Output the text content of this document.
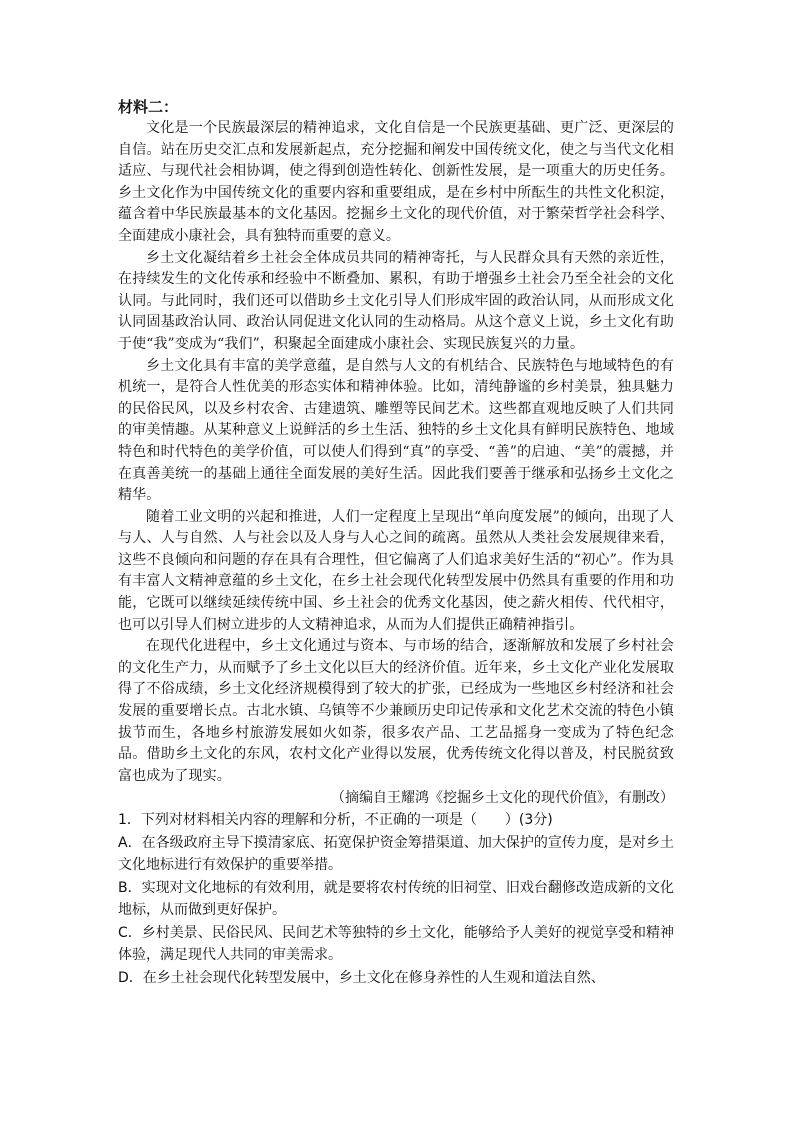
材料二：

文化是一个民族最深层的精神追求，文化自信是一个民族更基础、更广泛、更深层的自信。站在历史交汇点和发展新起点，充分挖掘和阐发中国传统文化，使之与当代文化相适应、与现代社会相协调，使之得到创造性转化、创新性发展，是一项重大的历史任务。乡土文化作为中国传统文化的重要内容和重要组成，是在乡村中所酝生的共性文化积淀，蕴含着中华民族最基本的文化基因。挖掘乡土文化的现代价值，对于繁荣哲学社会科学、全面建成小康社会，具有独特而重要的意义。

乡土文化凝结着乡土社会全体成员共同的精神寄托，与人民群众具有天然的亲近性，在持续发生的文化传承和经验中不断叠加、累积，有助于增强乡土社会乃至全社会的文化认同。与此同时，我们还可以借助乡土文化引导人们形成牢固的政治认同，从而形成文化认同固基政治认同、政治认同促进文化认同的生动格局。从这个意义上说，乡土文化有助于使“我”变成为“我们”，积聚起全面建成小康社会、实现民族复兴的力量。

乡土文化具有丰富的美学意蕴，是自然与人文的有机结合、民族特色与地域特色的有机统一，是符合人性优美的形态实体和精神体验。比如，清纯静谧的乡村美景，独具魅力的民俗民风，以及乡村农舍、古建遗筑、雕塑等民间艺术。这些都直观地反映了人们共同的审美情趣。从某种意义上说鲜活的乡土生活、独特的乡土文化具有鲜明民族特色、地域特色和时代特色的美学价值，可以使人们得到“真”的享受、“善”的启迪、“美”的震撼，并在真善美统一的基础上通往全面发展的美好生活。因此我们要善于继承和弘扬乡土文化之精华。

随着工业文明的兴起和推进，人们一定程度上呈现出“单向度发展”的倾向，出现了人与人、人与自然、人与社会以及人身与人心之间的疏离。虽然从人类社会发展规律来看，这些不良倾向和问题的存在具有合理性，但它偏离了人们追求美好生活的“初心”。作为具有丰富人文精神意蕴的乡土文化，在乡土社会现代化转型发展中仍然具有重要的作用和功能，它既可以继续延续传统中国、乡土社会的优秀文化基因，使之薪火相传、代代相守，也可以引导人们树立进步的人文精神追求，从而为人们提供正确精神指引。

在现代化进程中，乡土文化通过与资本、与市场的结合，逐渐解放和发展了乡村社会的文化生产力，从而赋予了乡土文化以巨大的经济价值。近年来，乡土文化产业化发展取得了不俗成绩，乡土文化经济规模得到了较大的扩张，已经成为一些地区乡村经济和社会发展的重要增长点。古北水镇、乌镇等不少兼顾历史印记传承和文化艺术交流的特色小镇拔节而生，各地乡村旅游发展如火如荼，很多农产品、工艺品摇身一变成为了特色纪念品。借助乡土文化的东风，农村文化产业得以发展，优秀传统文化得以普及，村民脱贫致富也成为了现实。

（摘编自王耀鸿《挖掘乡土文化的现代价值》，有删改）

1．下列对材料相关内容的理解和分析，不正确的一项是（　　）(3分)

A．在各级政府主导下摸清家底、拓宽保护资金筹措渠道、加大保护的宣传力度，是对乡土文化地标进行有效保护的重要举措。

B．实现对文化地标的有效利用，就是要将农村传统的旧祠堂、旧戏台翻修改造成新的文化地标，从而做到更好保护。

C．乡村美景、民俗民风、民间艺术等独特的乡土文化，能够给予人美好的视觉享受和精神体验，满足现代人共同的审美需求。

D．在乡土社会现代化转型发展中，乡土文化在修身养性的人生观和道法自然、
